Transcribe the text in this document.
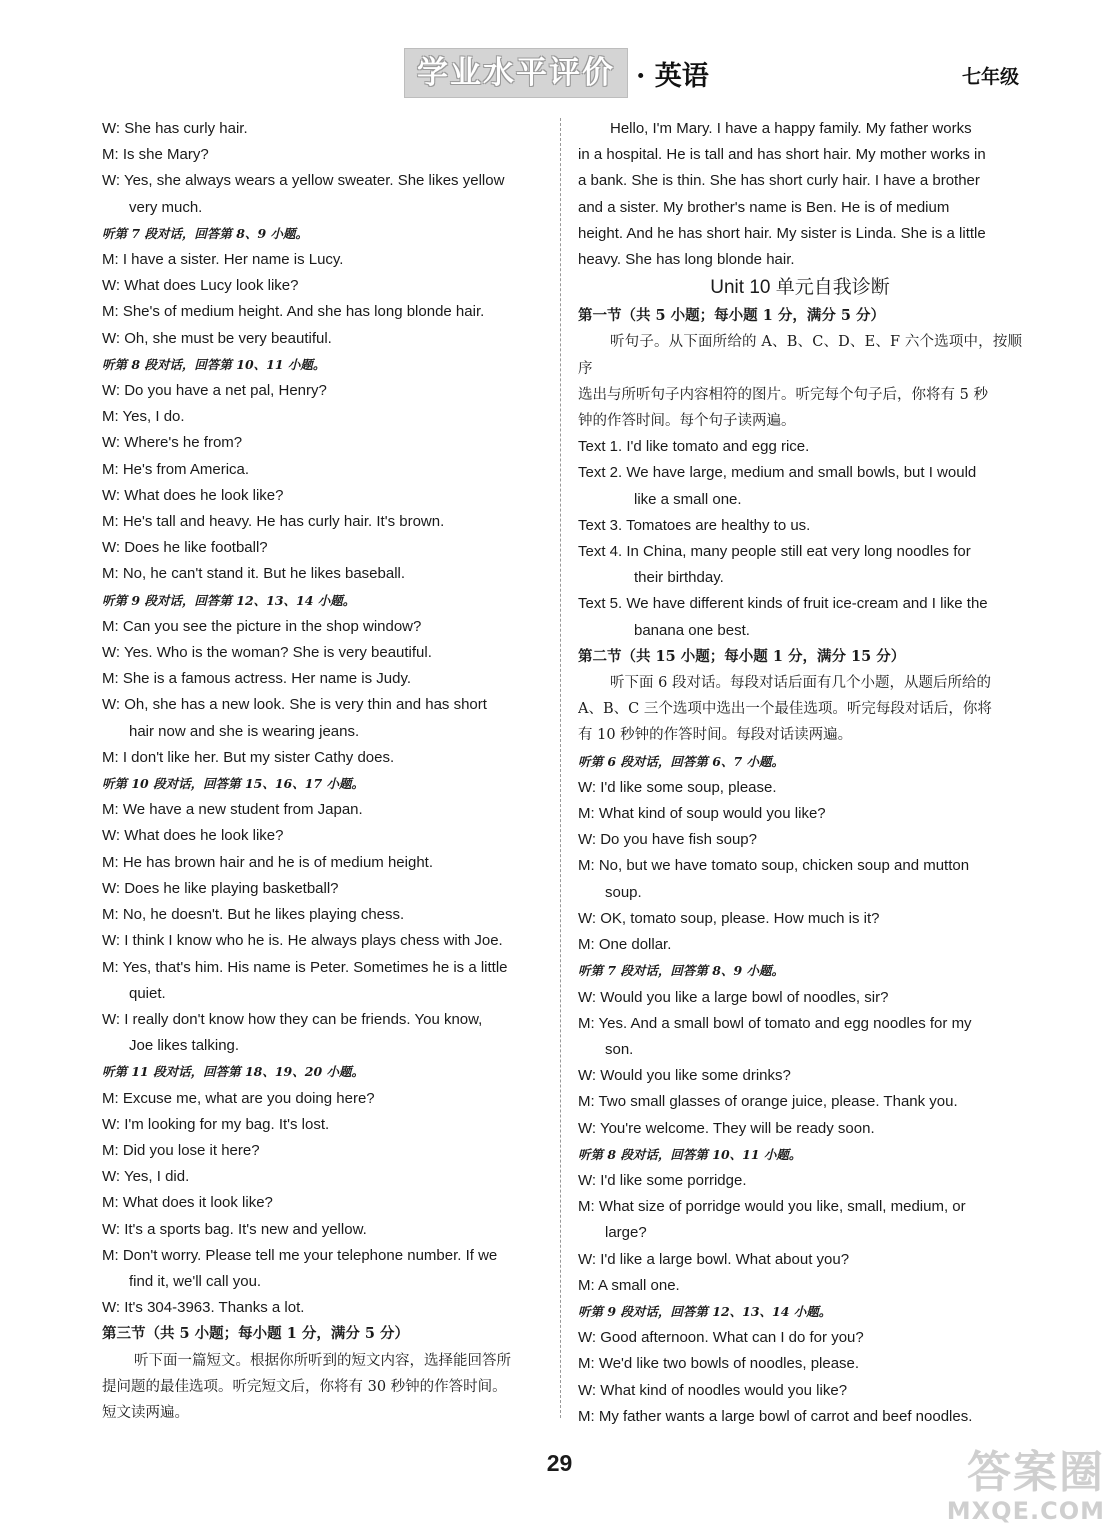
学业水平评价 · 英语	七年级
W: She has curly hair.
M: Is she Mary?
W: Yes, she always wears a yellow sweater. She likes yellow
very much.
听第 7 段对话，回答第 8、9 小题。
M: I have a sister. Her name is Lucy.
W: What does Lucy look like?
M: She's of medium height. And she has long blonde hair.
W: Oh, she must be very beautiful.
听第 8 段对话，回答第 10、11 小题。
W: Do you have a net pal, Henry?
M: Yes, I do.
W: Where's he from?
M: He's from America.
W: What does he look like?
M: He's tall and heavy. He has curly hair. It's brown.
W: Does he like football?
M: No, he can't stand it. But he likes baseball.
听第 9 段对话，回答第 12、13、14 小题。
M: Can you see the picture in the shop window?
W: Yes. Who is the woman? She is very beautiful.
M: She is a famous actress. Her name is Judy.
W: Oh, she has a new look. She is very thin and has short
hair now and she is wearing jeans.
M: I don't like her. But my sister Cathy does.
听第 10 段对话，回答第 15、16、17 小题。
M: We have a new student from Japan.
W: What does he look like?
M: He has brown hair and he is of medium height.
W: Does he like playing basketball?
M: No, he doesn't. But he likes playing chess.
W: I think I know who he is. He always plays chess with Joe.
M: Yes, that's him. His name is Peter. Sometimes he is a little
quiet.
W: I really don't know how they can be friends. You know,
Joe likes talking.
听第 11 段对话，回答第 18、19、20 小题。
M: Excuse me, what are you doing here?
W: I'm looking for my bag. It's lost.
M: Did you lose it here?
W: Yes, I did.
M: What does it look like?
W: It's a sports bag. It's new and yellow.
M: Don't worry. Please tell me your telephone number. If we
find it, we'll call you.
W: It's 304-3963. Thanks a lot.
第三节（共 5 小题；每小题 1 分，满分 5 分）
听下面一篇短文。根据你所听到的短文内容，选择能回答所
提问题的最佳选项。听完短文后，你将有 30 秒钟的作答时间。
短文读两遍。
Hello, I'm Mary. I have a happy family. My father works
in a hospital. He is tall and has short hair. My mother works in
a bank. She is thin. She has short curly hair. I have a brother
and a sister. My brother's name is Ben. He is of medium
height. And he has short hair. My sister is Linda. She is a little
heavy. She has long blonde hair.
Unit 10 单元自我诊断
第一节（共 5 小题；每小题 1 分，满分 5 分）
听句子。从下面所给的 A、B、C、D、E、F 六个选项中，按顺序
选出与所听句子内容相符的图片。听完每个句子后，你将有 5 秒
钟的作答时间。每个句子读两遍。
Text 1. I'd like tomato and egg rice.
Text 2. We have large, medium and small bowls, but I would
like a small one.
Text 3. Tomatoes are healthy to us.
Text 4. In China, many people still eat very long noodles for
their birthday.
Text 5. We have different kinds of fruit ice-cream and I like the
banana one best.
第二节（共 15 小题；每小题 1 分，满分 15 分）
听下面 6 段对话。每段对话后面有几个小题，从题后所给的
A、B、C 三个选项中选出一个最佳选项。听完每段对话后，你将
有 10 秒钟的作答时间。每段对话读两遍。
听第 6 段对话，回答第 6、7 小题。
W: I'd like some soup, please.
M: What kind of soup would you like?
W: Do you have fish soup?
M: No, but we have tomato soup, chicken soup and mutton
soup.
W: OK, tomato soup, please. How much is it?
M: One dollar.
听第 7 段对话，回答第 8、9 小题。
W: Would you like a large bowl of noodles, sir?
M: Yes. And a small bowl of tomato and egg noodles for my
son.
W: Would you like some drinks?
M: Two small glasses of orange juice, please. Thank you.
W: You're welcome. They will be ready soon.
听第 8 段对话，回答第 10、11 小题。
W: I'd like some porridge.
M: What size of porridge would you like, small, medium, or
large?
W: I'd like a large bowl. What about you?
M: A small one.
听第 9 段对话，回答第 12、13、14 小题。
W: Good afternoon. What can I do for you?
M: We'd like two bowls of noodles, please.
W: What kind of noodles would you like?
M: My father wants a large bowl of carrot and beef noodles.
29	答案圈
MXQE.COM
